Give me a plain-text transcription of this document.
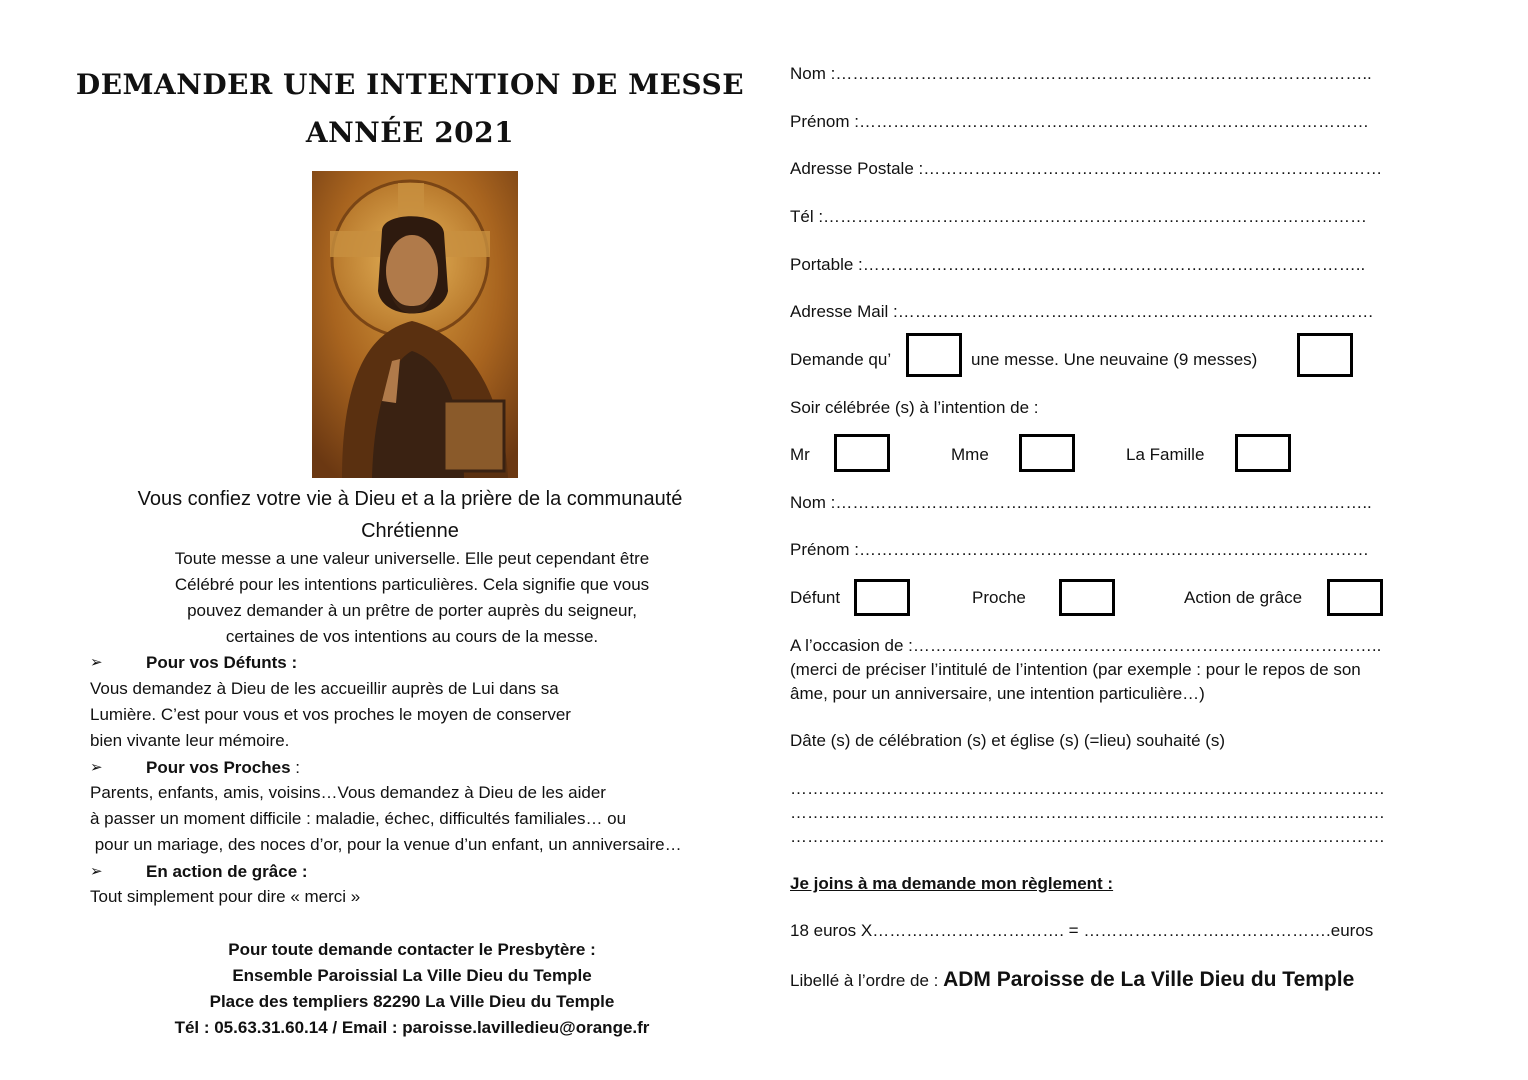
DEMANDER UNE INTENTION DE MESSE
ANNÉE 2021
Vous confiez votre vie à Dieu et a la prière de la communauté
Chrétienne
Toute messe a une valeur universelle. Elle peut cependant être
Célébré pour les intentions particulières. Cela signifie que vous
pouvez demander à un prêtre de porter auprès du seigneur,
certaines de vos intentions au cours de la messe.
➢	Pour vos Défunts :
Vous demandez à Dieu de les accueillir auprès de Lui dans sa
Lumière. C’est pour vous et vos proches le moyen de conserver
bien vivante leur mémoire.
➢	Pour vos Proches :
Parents, enfants, amis, voisins…Vous demandez à Dieu de les aider
à passer un moment difficile : maladie, échec, difficultés familiales… ou
pour un mariage, des noces d’or, pour la venue d’un enfant, un anniversaire…
➢	En action de grâce :
Tout simplement pour dire « merci »
Pour toute demande contacter le Presbytère :
Ensemble Paroissial La Ville Dieu du Temple
Place des templiers 82290 La Ville Dieu du Temple
Tél : 05.63.31.60.14 / Email : paroisse.lavilledieu@orange.fr
Nom :…………………………………………………………………………………..
Prénom :………………………………………………………………………………
Adresse Postale :………………………………………………………………………
Tél :……………………………………………………………………………………
Portable :……………………………………………………………………………..
Adresse Mail :…………………………………………………………………………
Demande qu’	une messe. Une neuvaine (9 messes)
Soir célébrée (s) à l’intention de :
Mr	Mme	La Famille
Nom :…………………………………………………………………………………..
Prénom :………………………………………………………………………………
Défunt	Proche	Action de grâce
A l’occasion de :………………………………………………………………………..
(merci de préciser l’intitulé de l’intention (par exemple : pour le repos de son
âme, pour un anniversaire, une intention particulière…)
Dâte (s) de célébration (s) et église (s) (=lieu) souhaité (s)
……………………………………………………………………………………………
……………………………………………………………………………………………
……………………………………………………………………………………………
Je joins à ma demande mon règlement :
18 euros X……………………………. = …………………….……………….euros
Libellé à l’ordre de : ADM Paroisse de La Ville Dieu du Temple
